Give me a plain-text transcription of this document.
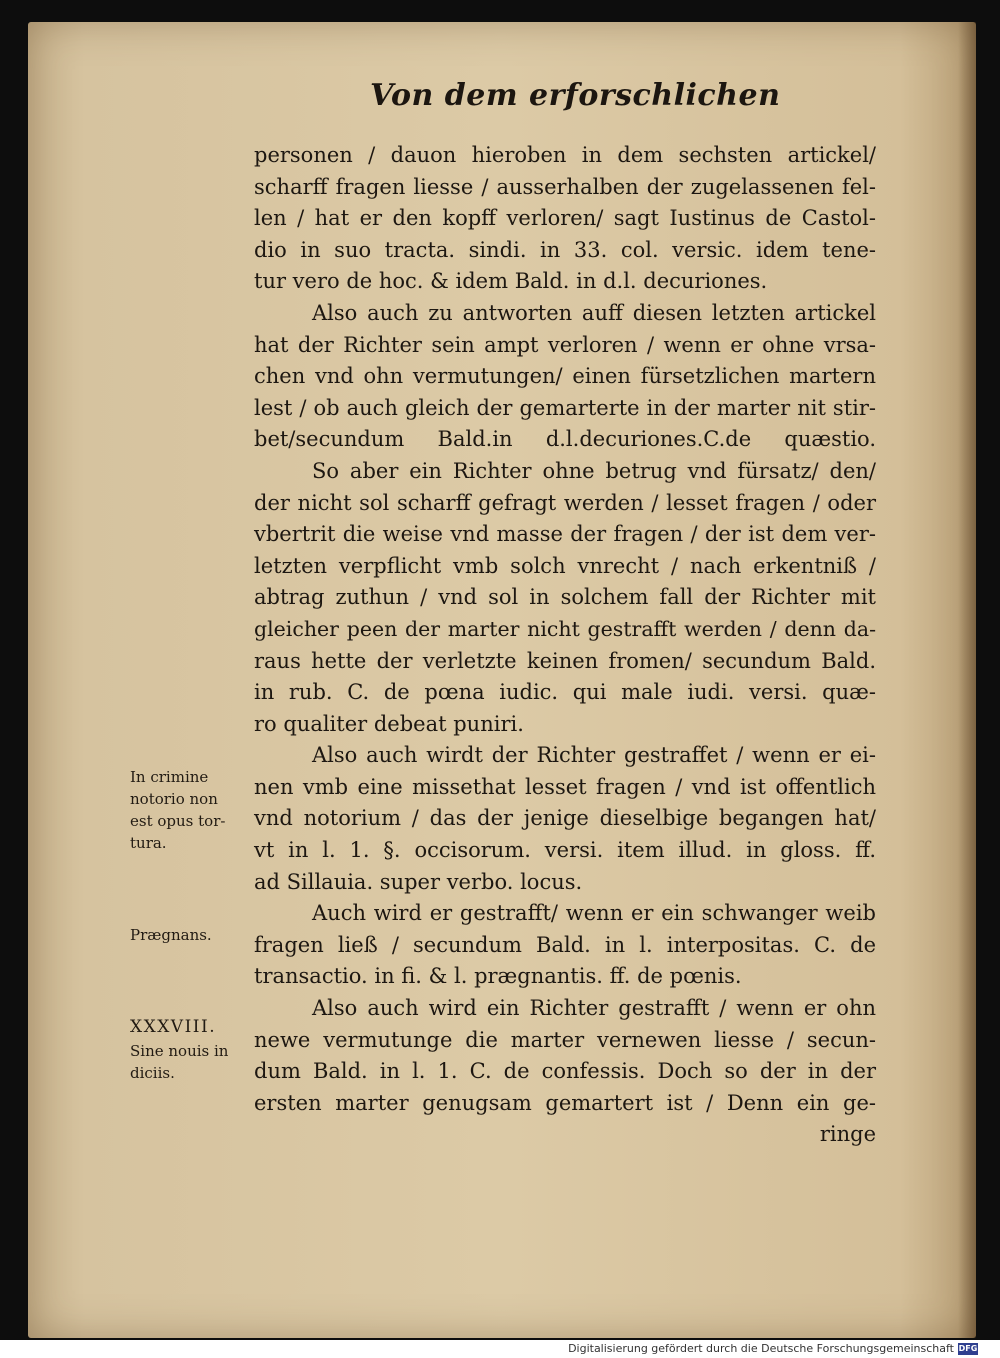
Von dem erforschlichen
personen / dauon hieroben in dem sechsten artickel/
scharff fragen liesse / ausserhalben der zugelassenen fel-
len / hat er den kopff verloren/ sagt Iustinus de Castol-
dio in suo tracta. sindi. in 33. col. versic. idem tene-
tur vero de hoc. & idem Bald. in d.l. decuriones.
Also auch zu antworten auff diesen letzten artickel
hat der Richter sein ampt verloren / wenn er ohne vrsa-
chen vnd ohn vermutungen/ einen fürsetzlichen martern
lest / ob auch gleich der gemarterte in der marter nit stir-
bet/secundum Bald.in d.l.decuriones.C.de quæstio.
So aber ein Richter ohne betrug vnd fürsatz/ den/
der nicht sol scharff gefragt werden / lesset fragen / oder
vbertrit die weise vnd masse der fragen / der ist dem ver-
letzten verpflicht vmb solch vnrecht / nach erkentniß /
abtrag zuthun / vnd sol in solchem fall der Richter mit
gleicher peen der marter nicht gestrafft werden / denn da-
raus hette der verletzte keinen fromen/ secundum Bald.
in rub. C. de pœna iudic. qui male iudi. versi. quæ-
ro qualiter debeat puniri.
Also auch wirdt der Richter gestraffet / wenn er ei-
nen vmb eine missethat lesset fragen / vnd ist offentlich
vnd notorium / das der jenige dieselbige begangen hat/
vt in l. 1. §. occisorum. versi. item illud. in gloss. ff.
ad Sillauia. super verbo. locus.
Auch wird er gestrafft/ wenn er ein schwanger weib
fragen ließ / secundum Bald. in l. interpositas. C. de
transactio. in fi. & l. prægnantis. ff. de pœnis.
Also auch wird ein Richter gestrafft / wenn er ohn
newe vermutunge die marter vernewen liesse / secun-
dum Bald. in l. 1. C. de confessis. Doch so der in der
ersten marter genugsam gemartert ist / Denn ein ge-
ringe
In crimine
notorio non
est opus tor-
tura.
Prægnans.
XXXVIII.
Sine nouis in
diciis.
Digitalisierung gefördert durch die Deutsche Forschungsgemeinschaft DFG
